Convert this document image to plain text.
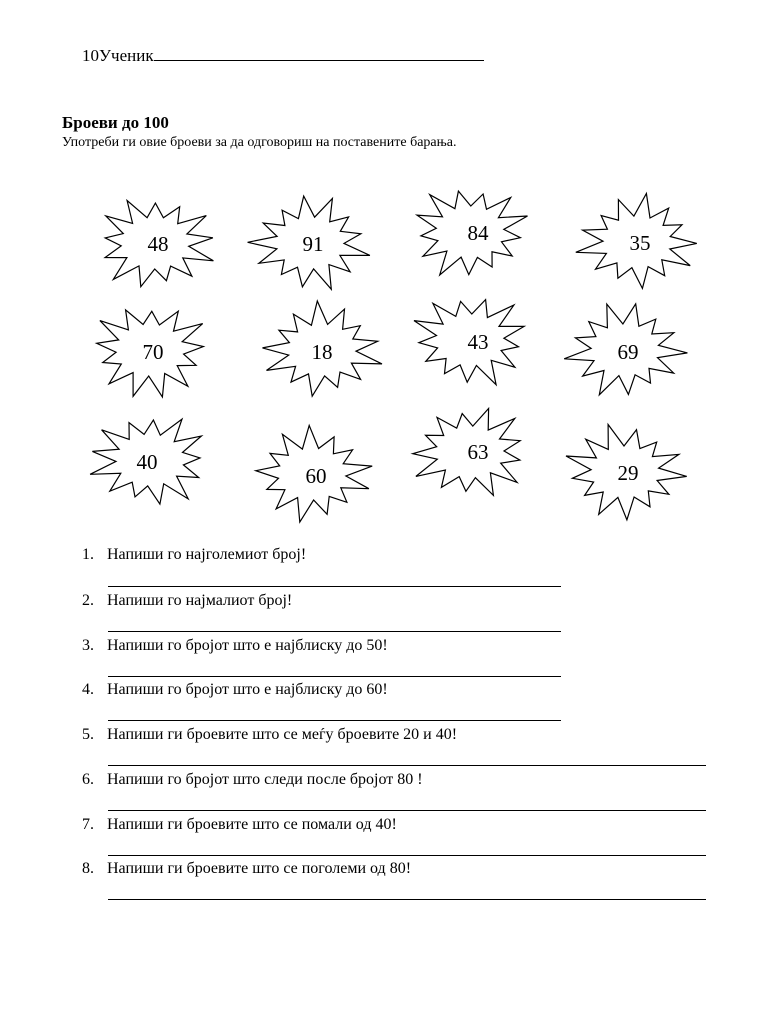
10Ученик
Броеви до 100
Употреби ги овие броеви за да одговориш на поставените барања.
48	91	84	35
70	18	43	69
40
60
63
29
1. Напиши го најголемиот број!
2. Напиши го најмалиот број!
3. Напиши го бројот што е најблиску до 50!
4. Напиши го бројот што е најблиску до 60!
5. Напиши ги броевите што се меѓу броевите 20 и 40!
6. Напиши го бројот што следи после бројот 80 !
7. Напиши ги броевите што се помали од 40!
8. Напиши ги броевите што се поголеми од 80!
